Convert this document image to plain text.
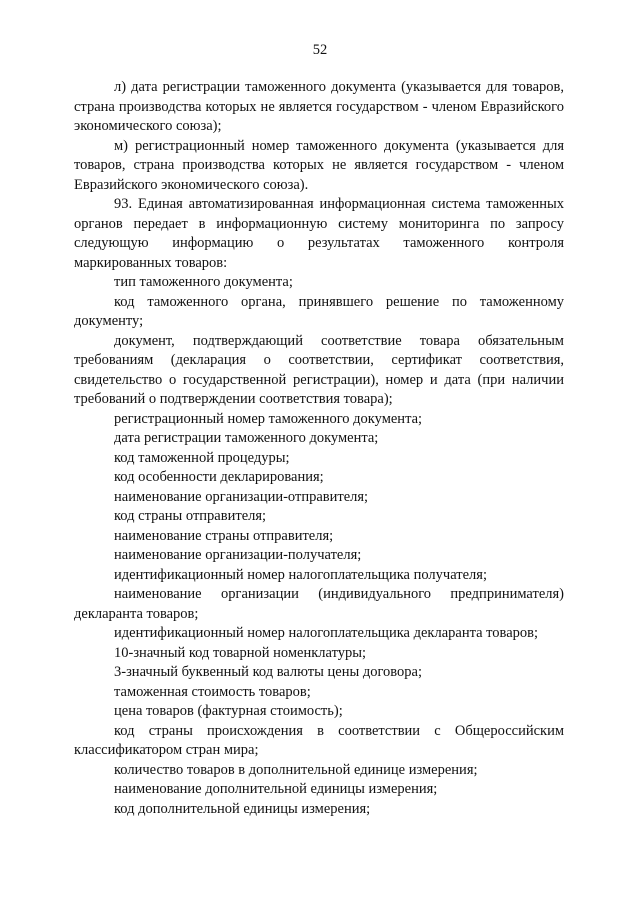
52

л) дата регистрации таможенного документа (указывается для товаров, страна производства которых не является государством - членом Евразийского экономического союза);

м) регистрационный номер таможенного документа (указывается для товаров, страна производства которых не является государством - членом Евразийского экономического союза).

93. Единая автоматизированная информационная система таможенных органов передает в информационную систему мониторинга по запросу следующую информацию о результатах таможенного контроля маркированных товаров:

тип таможенного документа;

код таможенного органа, принявшего решение по таможенному документу;

документ, подтверждающий соответствие товара обязательным требованиям (декларация о соответствии, сертификат соответствия, свидетельство о государственной регистрации), номер и дата (при наличии требований о подтверждении соответствия товара);

регистрационный номер таможенного документа;

дата регистрации таможенного документа;

код таможенной процедуры;

код особенности декларирования;

наименование организации-отправителя;

код страны отправителя;

наименование страны отправителя;

наименование организации-получателя;

идентификационный номер налогоплательщика получателя;

наименование организации (индивидуального предпринимателя) декларанта товаров;

идентификационный номер налогоплательщика декларанта товаров;

10-значный код товарной номенклатуры;

3-значный буквенный код валюты цены договора;

таможенная стоимость товаров;

цена товаров (фактурная стоимость);

код страны происхождения в соответствии с Общероссийским классификатором стран мира;

количество товаров в дополнительной единице измерения;

наименование дополнительной единицы измерения;

код дополнительной единицы измерения;
